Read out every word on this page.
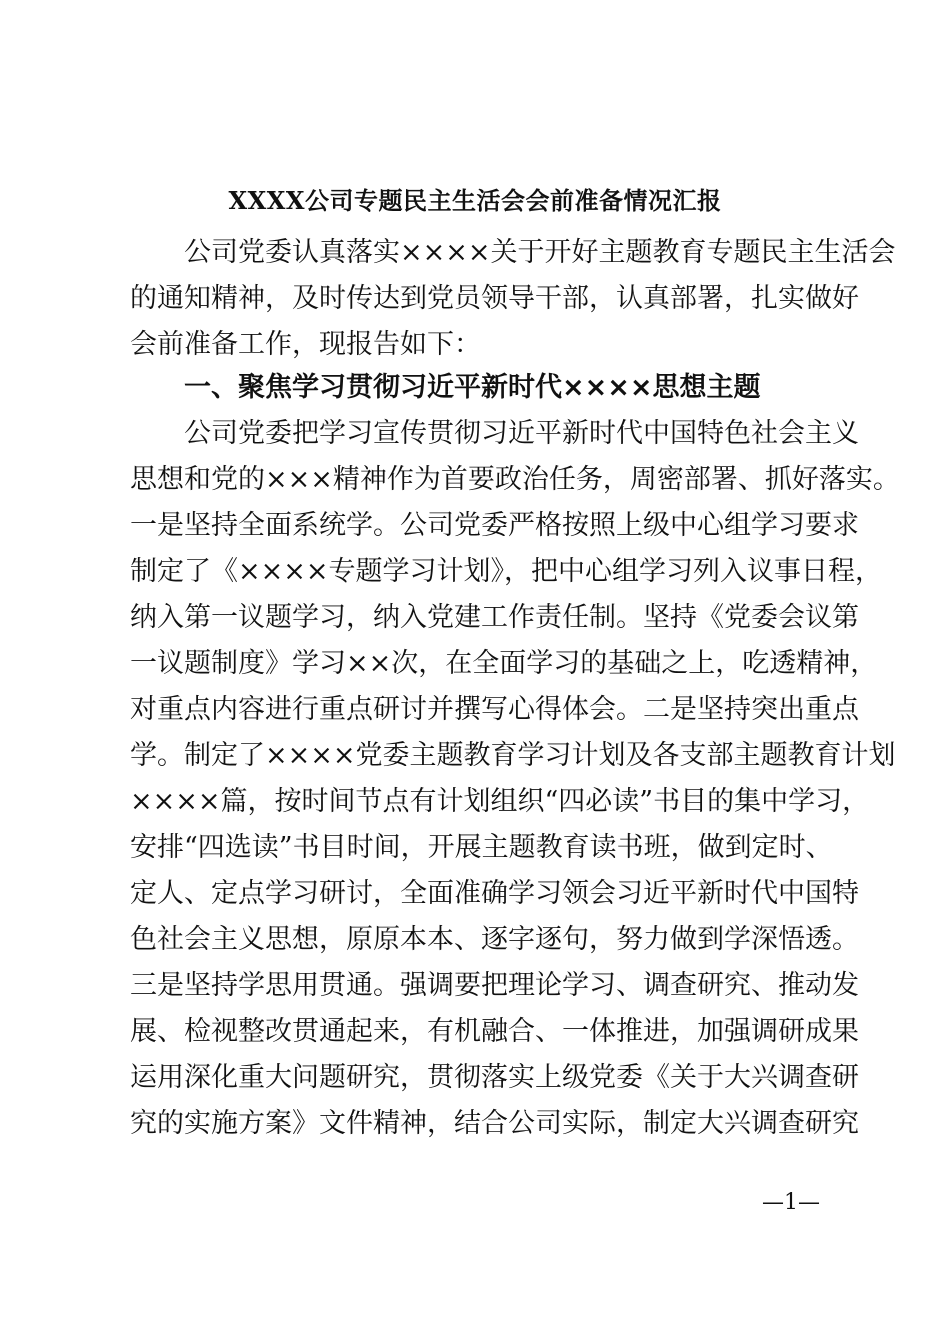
XXXX公司专题民主生活会会前准备情况汇报
公司党委认真落实××××关于开好主题教育专题民主生活会
的通知精神，及时传达到党员领导干部，认真部署，扎实做好
会前准备工作，现报告如下：
一、聚焦学习贯彻习近平新时代××××思想主题
公司党委把学习宣传贯彻习近平新时代中国特色社会主义
思想和党的×××精神作为首要政治任务，周密部署、抓好落实。
一是坚持全面系统学。公司党委严格按照上级中心组学习要求
制定了《××××专题学习计划》，把中心组学习列入议事日程，
纳入第一议题学习，纳入党建工作责任制。坚持《党委会议第
一议题制度》学习××次，在全面学习的基础之上，吃透精神，
对重点内容进行重点研讨并撰写心得体会。二是坚持突出重点
学。制定了××××党委主题教育学习计划及各支部主题教育计划
××××篇，按时间节点有计划组织“四必读”书目的集中学习，
安排“四选读”书目时间，开展主题教育读书班，做到定时、
定人、定点学习研讨，全面准确学习领会习近平新时代中国特
色社会主义思想，原原本本、逐字逐句，努力做到学深悟透。
三是坚持学思用贯通。强调要把理论学习、调查研究、推动发
展、检视整改贯通起来，有机融合、一体推进，加强调研成果
运用深化重大问题研究，贯彻落实上级党委《关于大兴调查研
究的实施方案》文件精神，结合公司实际，制定大兴调查研究
—1—
